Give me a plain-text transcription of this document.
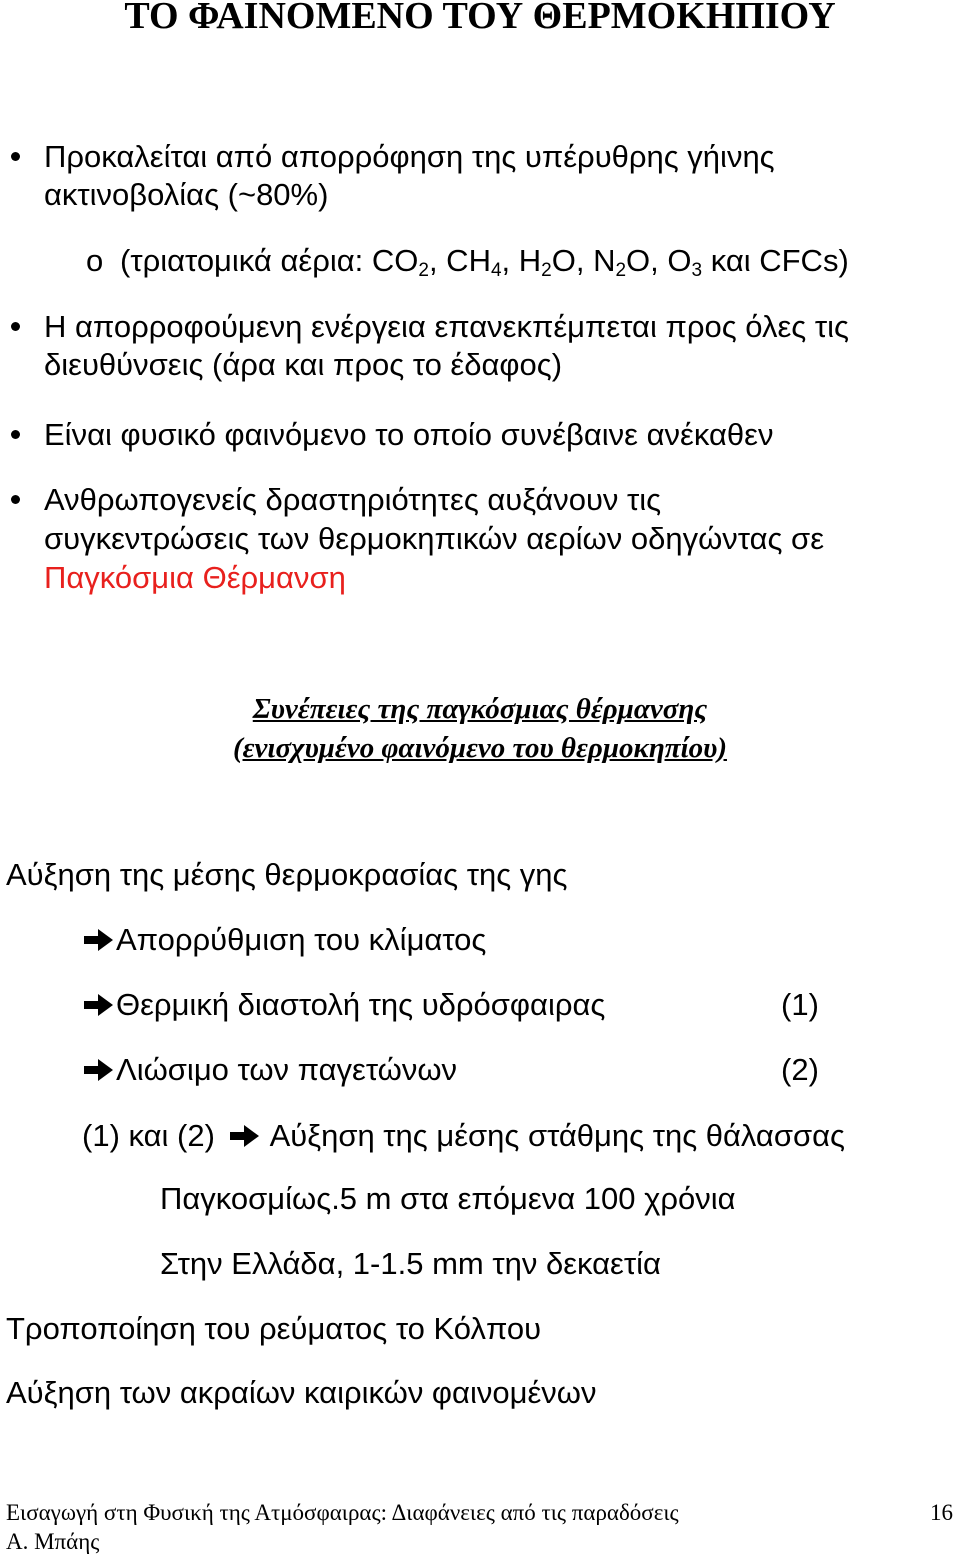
ΤΟ ΦΑΙΝΟΜΕΝΟ ΤΟΥ ΘΕΡΜΟΚΗΠΙΟΥ
Προκαλείται από απορρόφηση της υπέρυθρης γήινης
ακτινοβολίας (~80%)
o (τριατομικά αέρια: $CO_2$, $CH_4$, $H_2O$, $N_2O$, $O_3$ και CFCs)
Η απορροφούμενη ενέργεια επανεκπέμπεται προς όλες τις
διευθύνσεις (άρα και προς το έδαφος)
Είναι φυσικό φαινόμενο το οποίο συνέβαινε ανέκαθεν
Ανθρωπογενείς δραστηριότητες αυξάνουν τις
συγκεντρώσεις των θερμοκηπικών αερίων οδηγώντας σε
Παγκόσμια Θέρμανση
Συνέπειες της παγκόσμιας θέρμανσης
(ενισχυμένο φαινόμενο του θερμοκηπίου)
Αύξηση της μέσης θερμοκρασίας της γης
Απορρύθμιση του κλίματος
Θερμική διαστολή της υδρόσφαιρας	(1)
Λιώσιμο των παγετώνων	(2)
(1) και (2) Αύξηση της μέσης στάθμης της θάλασσας
Παγκοσμίως.5 m στα επόμενα 100 χρόνια
Στην Ελλάδα, 1-1.5 mm την δεκαετία
Τροποποίηση του ρεύματος το Κόλπου
Αύξηση των ακραίων καιρικών φαινομένων
Εισαγωγή στη Φυσική της Ατμόσφαιρας: Διαφάνειες από τις παραδόσεις
Α. Μπάης
16
